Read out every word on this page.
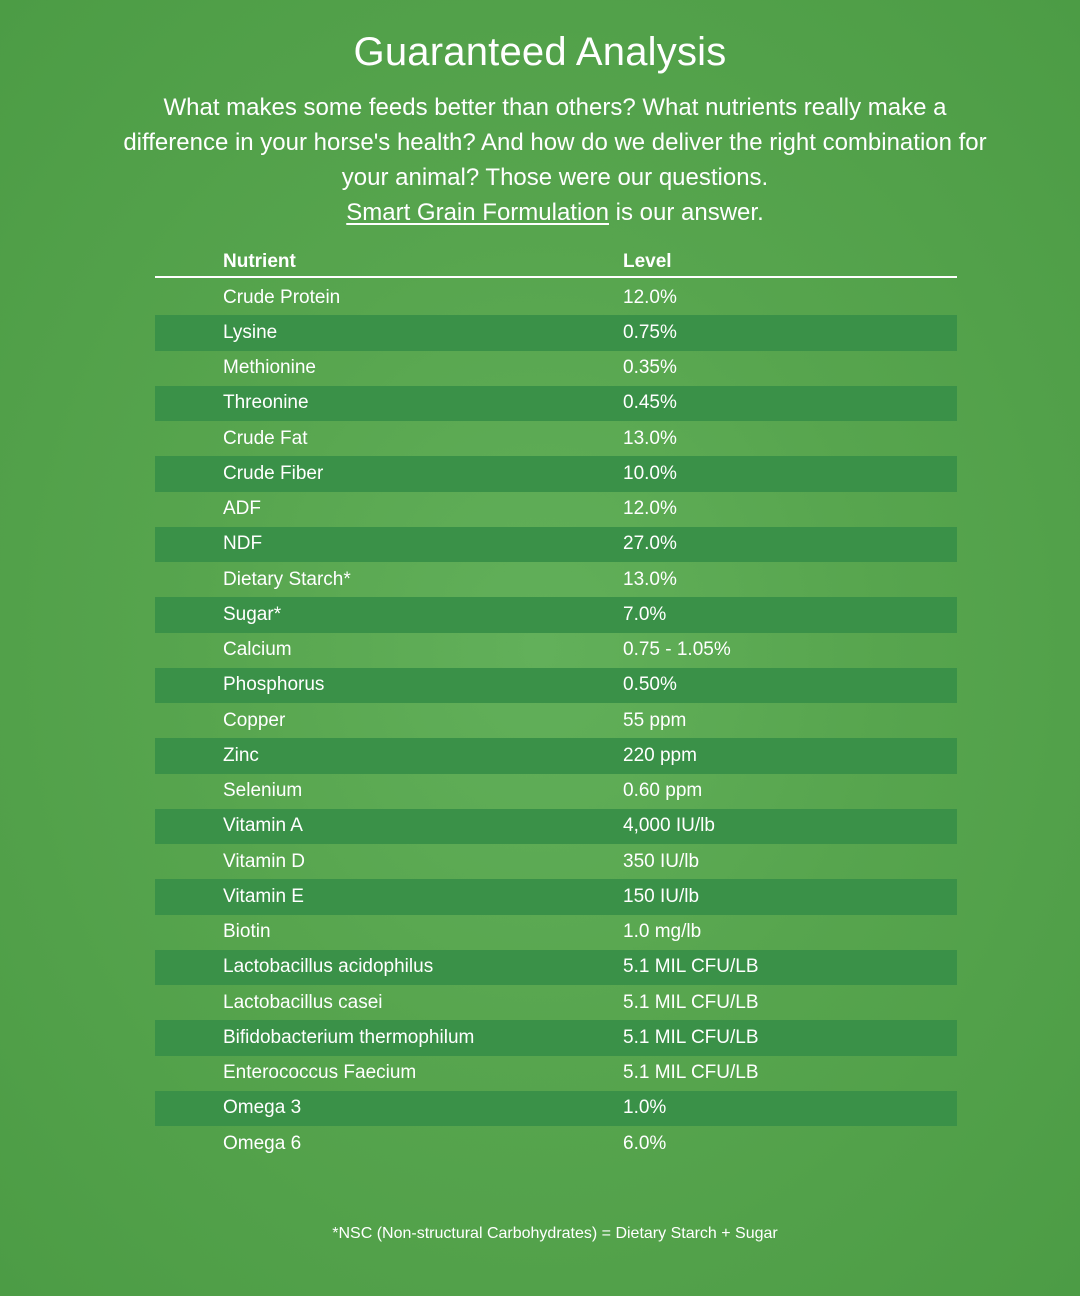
Guaranteed Analysis
What makes some feeds better than others? What nutrients really make a difference in your horse's health? And how do we deliver the right combination for your animal? Those were our questions.
Smart Grain Formulation is our answer.
Nutrient	Level
Crude Protein	12.0%
Lysine	0.75%
Methionine	0.35%
Threonine	0.45%
Crude Fat	13.0%
Crude Fiber	10.0%
ADF	12.0%
NDF	27.0%
Dietary Starch*	13.0%
Sugar*	7.0%
Calcium	0.75 - 1.05%
Phosphorus	0.50%
Copper	55 ppm
Zinc	220 ppm
Selenium	0.60 ppm
Vitamin A	4,000 IU/lb
Vitamin D	350 IU/lb
Vitamin E	150 IU/lb
Biotin	1.0 mg/lb
Lactobacillus acidophilus	5.1 MIL CFU/LB
Lactobacillus casei	5.1 MIL CFU/LB
Bifidobacterium thermophilum	5.1 MIL CFU/LB
Enterococcus Faecium	5.1 MIL CFU/LB
Omega 3	1.0%
Omega 6	6.0%
*NSC (Non-structural Carbohydrates) = Dietary Starch + Sugar
